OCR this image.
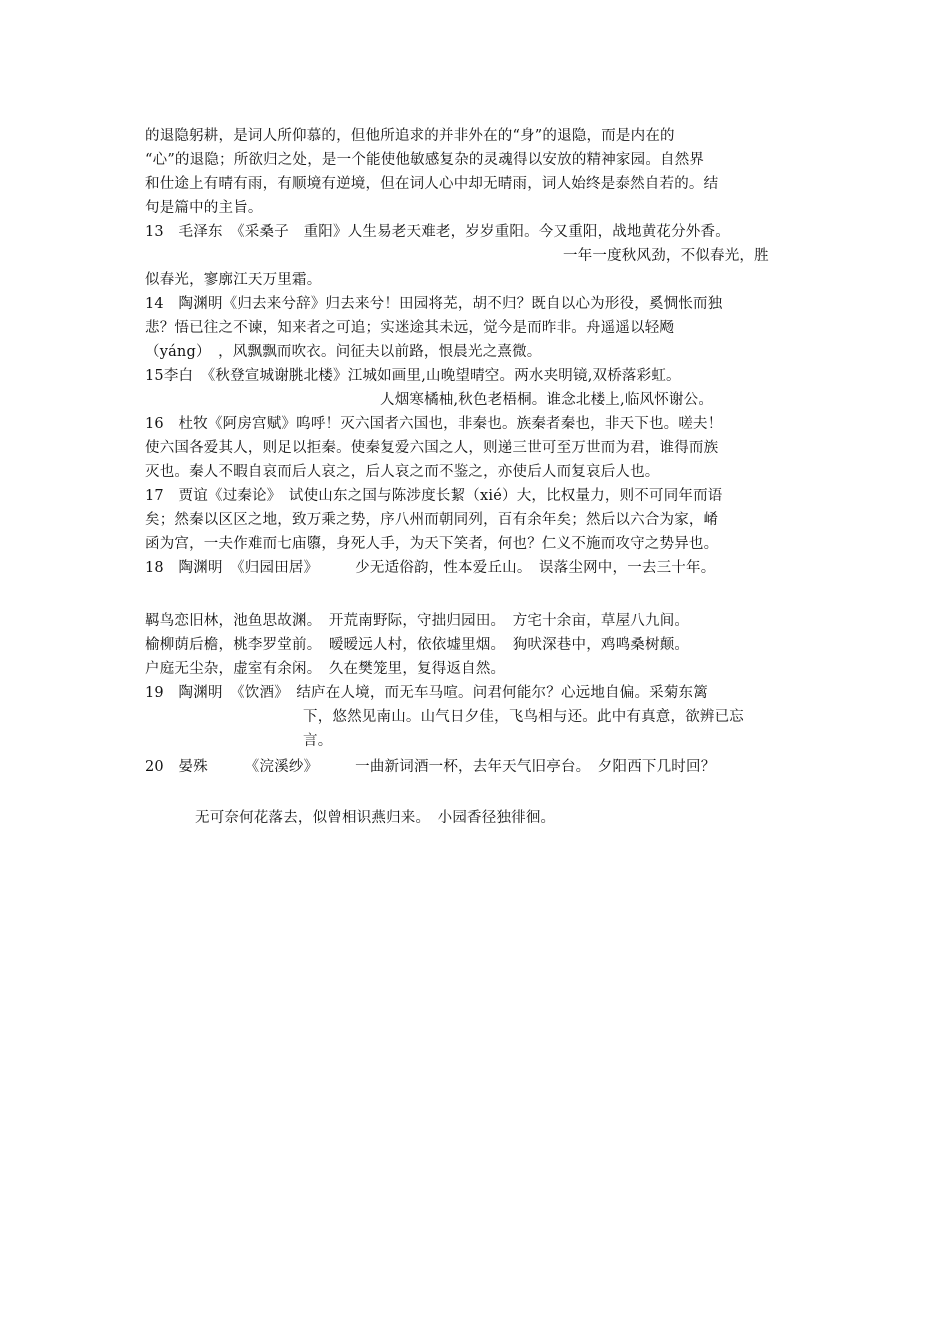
的退隐躬耕，是词人所仰慕的，但他所追求的并非外在的“身”的退隐，而是内在的
“心”的退隐；所欲归之处，是一个能使他敏感复杂的灵魂得以安放的精神家园。自然界
和仕途上有晴有雨，有顺境有逆境，但在词人心中却无晴雨，词人始终是泰然自若的。结
句是篇中的主旨。
13　毛泽东　《采桑子　重阳》人生易老天难老，岁岁重阳。今又重阳，战地黄花分外香。
一年一度秋风劲，不似春光，胜
似春光，寥廓江天万里霜。
14　陶渊明《归去来兮辞》归去来兮！田园将芜，胡不归？既自以心为形役，奚惆怅而独
悲？悟已往之不谏，知来者之可追；实迷途其未远，觉今是而昨非。舟遥遥以轻飏
（yáng）　，风飘飘而吹衣。问征夫以前路，恨晨光之熹微。
15李白　《秋登宣城谢朓北楼》江城如画里,山晚望晴空。两水夹明镜,双桥落彩虹。
人烟寒橘柚,秋色老梧桐。谁念北楼上,临风怀谢公。
16　杜牧《阿房宫赋》呜呼！灭六国者六国也，非秦也。族秦者秦也，非天下也。嗟夫！
使六国各爱其人，则足以拒秦。使秦复爱六国之人，则递三世可至万世而为君，谁得而族
灭也。秦人不暇自哀而后人哀之，后人哀之而不鉴之，亦使后人而复哀后人也。
17　贾谊《过秦论》　试使山东之国与陈涉度长絜（xié）大，比权量力，则不可同年而语
矣；然秦以区区之地，致万乘之势，序八州而朝同列，百有余年矣；然后以六合为家，崤
函为宫，一夫作难而七庙隳，身死人手，为天下笑者，何也？仁义不施而攻守之势异也。
18　陶渊明　《归园田居》　　　少无适俗韵，性本爱丘山。　误落尘网中，一去三十年。
羁鸟恋旧林，池鱼思故渊。　开荒南野际，守拙归园田。　方宅十余亩，草屋八九间。
榆柳荫后檐，桃李罗堂前。　暧暧远人村，依依墟里烟。　狗吠深巷中，鸡鸣桑树颠。
户庭无尘杂，虚室有余闲。　久在樊笼里，复得返自然。
19　陶渊明　《饮酒》　结庐在人境，而无车马喧。问君何能尔？心远地自偏。采菊东篱
下，悠然见南山。山气日夕佳，飞鸟相与还。此中有真意，欲辨已忘
言。
20　晏殊　　　《浣溪纱》　　　一曲新词酒一杯，去年天气旧亭台。　夕阳西下几时回？
无可奈何花落去，似曾相识燕归来。　小园香径独徘徊。
